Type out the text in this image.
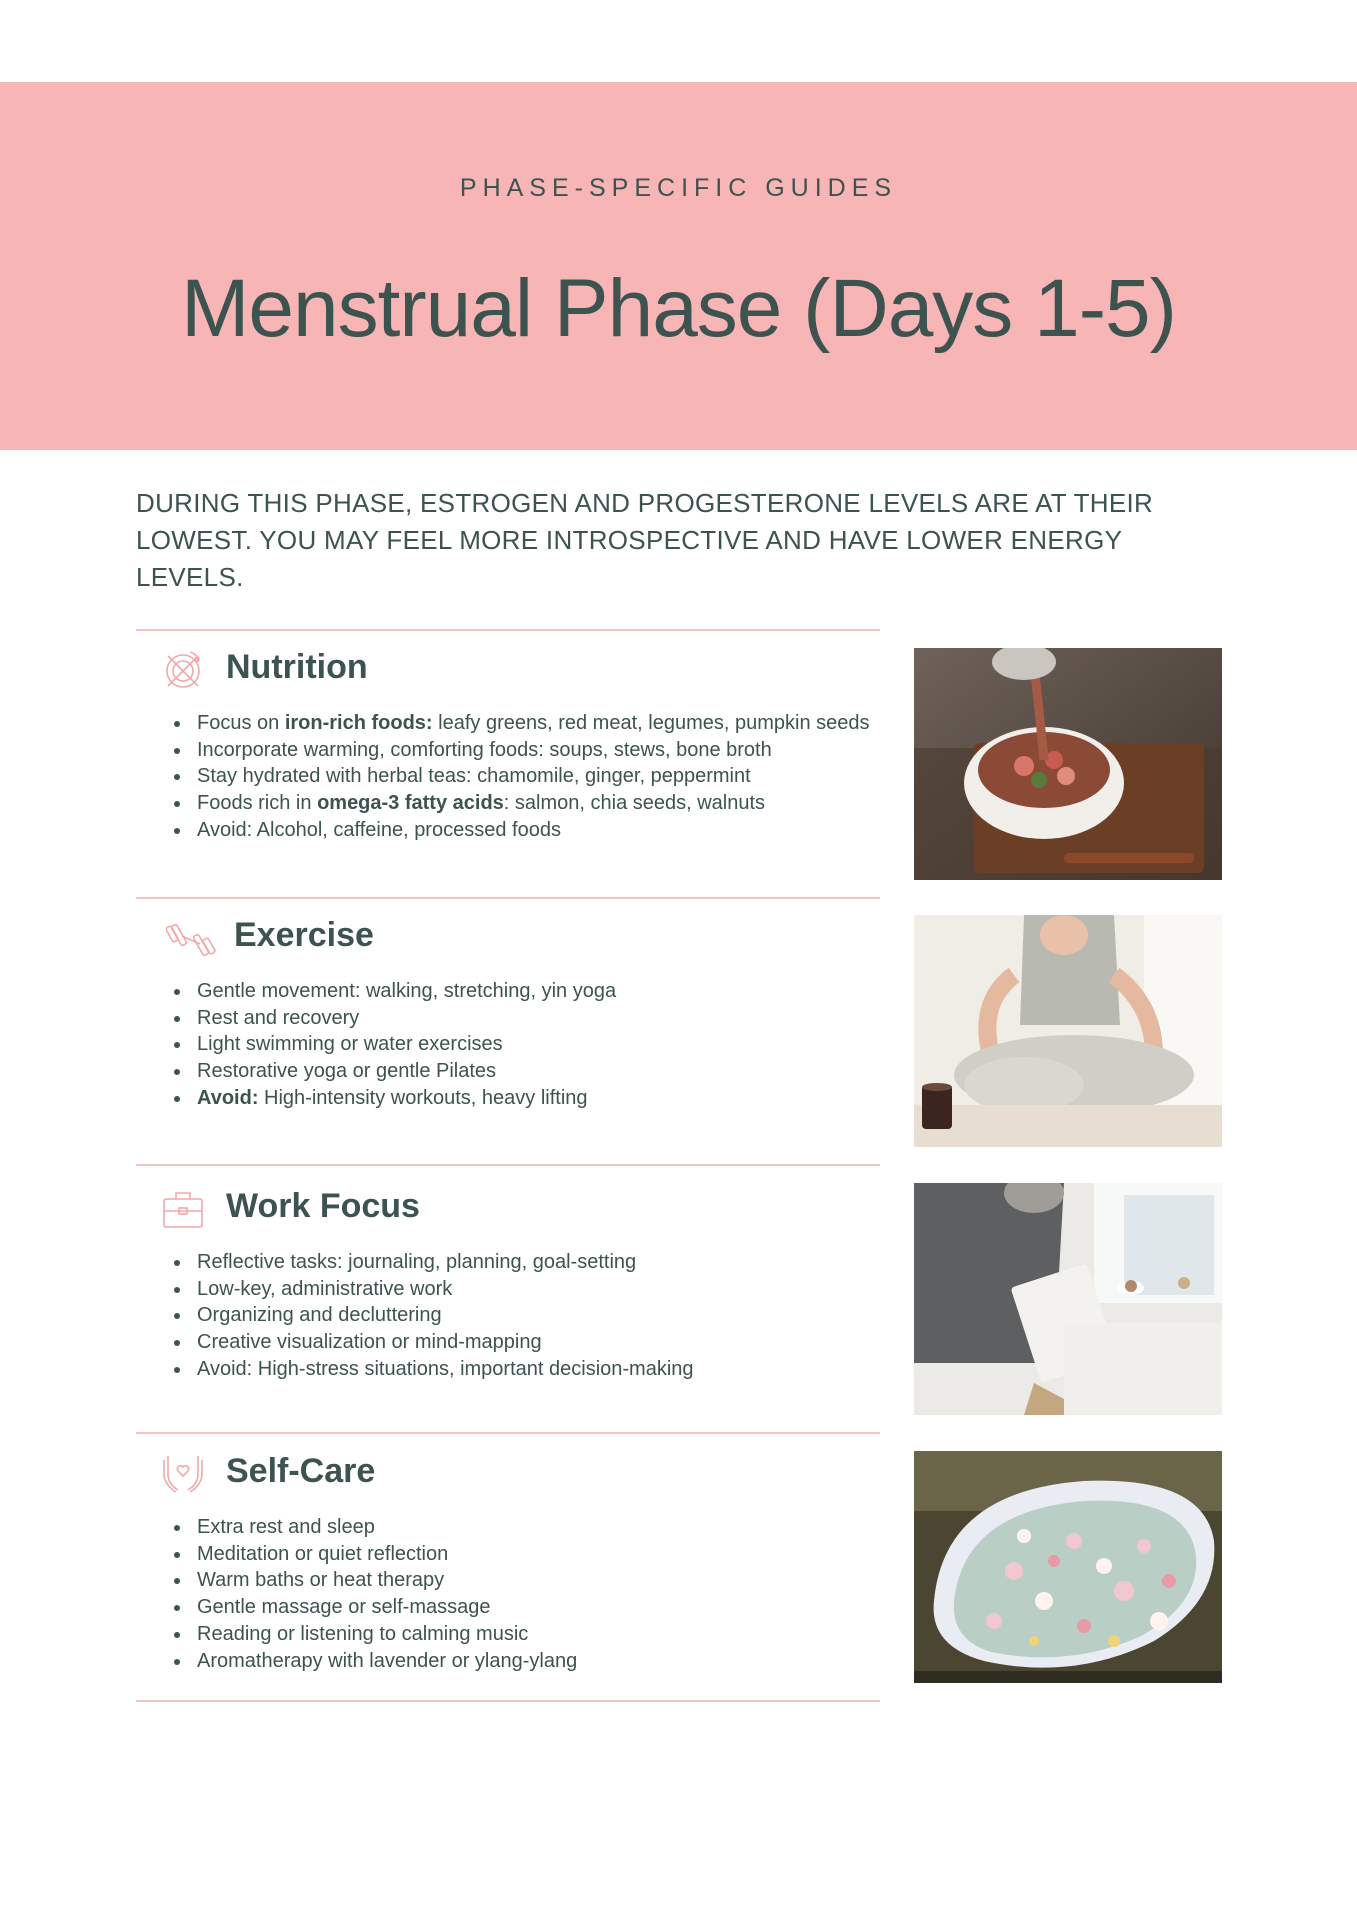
PHASE-SPECIFIC GUIDES
Menstrual Phase (Days 1-5)
DURING THIS PHASE, ESTROGEN AND PROGESTERONE LEVELS ARE AT THEIR LOWEST. YOU MAY FEEL MORE INTROSPECTIVE AND HAVE LOWER ENERGY LEVELS.
Nutrition
Focus on iron-rich foods: leafy greens, red meat, legumes, pumpkin seeds
Incorporate warming, comforting foods: soups, stews, bone broth
Stay hydrated with herbal teas: chamomile, ginger, peppermint
Foods rich in omega-3 fatty acids: salmon, chia seeds, walnuts
Avoid: Alcohol, caffeine, processed foods
Exercise
Gentle movement: walking, stretching, yin yoga
Rest and recovery
Light swimming or water exercises
Restorative yoga or gentle Pilates
Avoid: High-intensity workouts, heavy lifting
Work Focus
Reflective tasks: journaling, planning, goal-setting
Low-key, administrative work
Organizing and decluttering
Creative visualization or mind-mapping
Avoid: High-stress situations, important decision-making
Self-Care
Extra rest and sleep
Meditation or quiet reflection
Warm baths or heat therapy
Gentle massage or self-massage
Reading or listening to calming music
Aromatherapy with lavender or ylang-ylang
